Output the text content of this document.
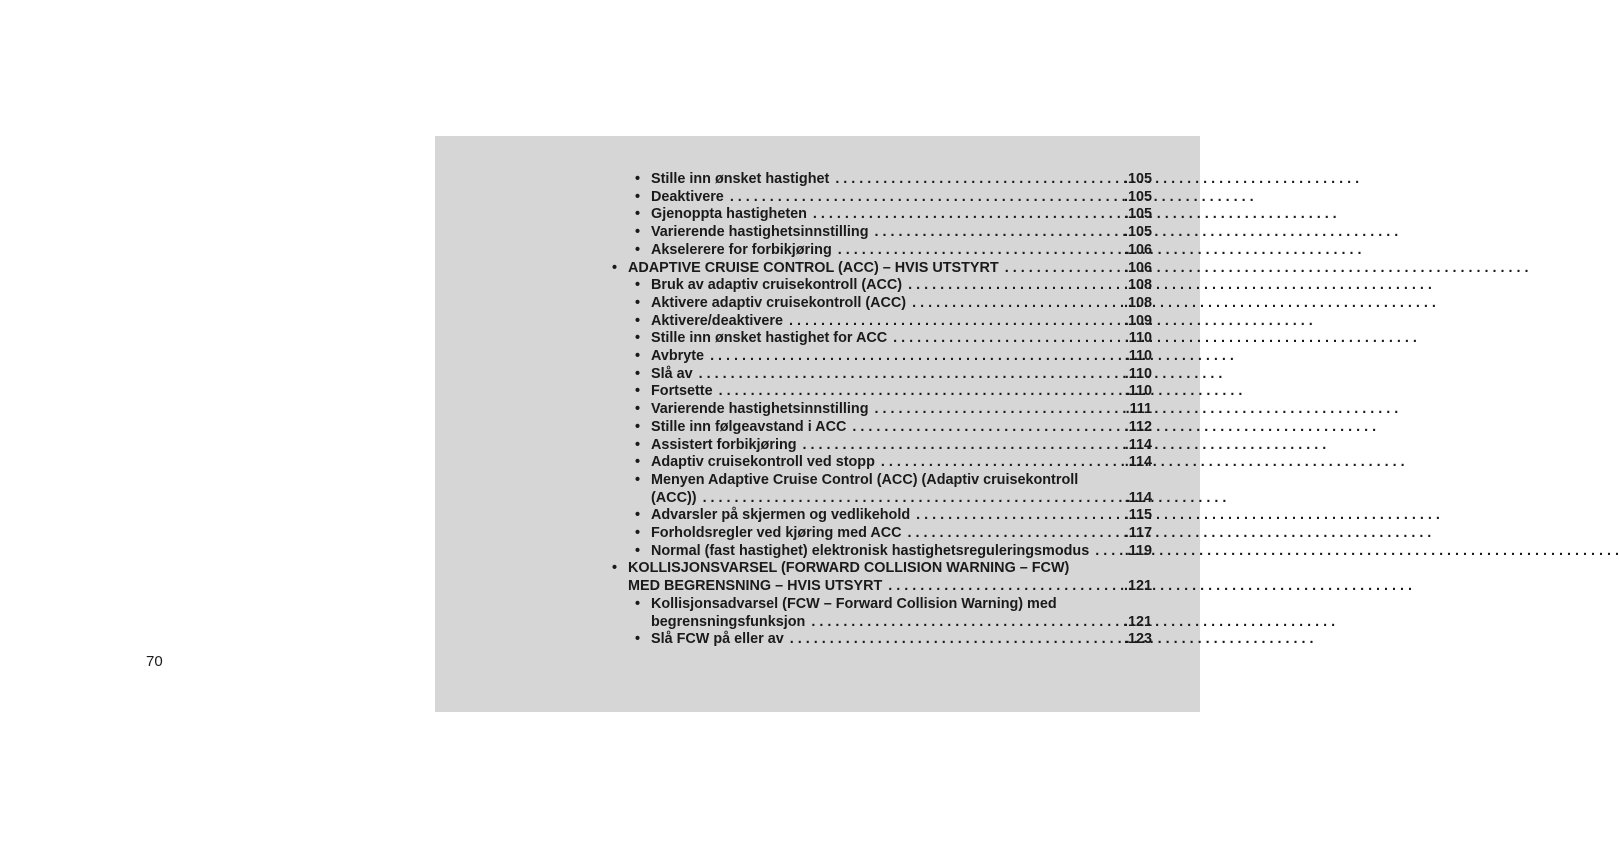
• Stille inn ønsket hastighet . . .	.105
• Deaktivere . . .	.105
• Gjenoppta hastigheten . . .	.105
• Varierende hastighetsinnstilling . . .	.105
• Akselerere for forbikjøring . . .	.106
• ADAPTIVE CRUISE CONTROL (ACC) – HVIS UTSTYRT . . .	.106
• Bruk av adaptiv cruisekontroll (ACC) . . .	.108
• Aktivere adaptiv cruisekontroll (ACC) . . .	.108
• Aktivere/deaktivere . . .	.109
• Stille inn ønsket hastighet for ACC . . .	.110
• Avbryte . . .	.110
• Slå av . . .	.110
• Fortsette . . .	.110
• Varierende hastighetsinnstilling . . .	.111
• Stille inn følgeavstand i ACC . . .	.112
• Assistert forbikjøring . . .	.114
• Adaptiv cruisekontroll ved stopp . . .	.114
• Menyen Adaptive Cruise Control (ACC) (Adaptiv cruisekontroll
(ACC)) . . .	.114
• Advarsler på skjermen og vedlikehold . . .	.115
• Forholdsregler ved kjøring med ACC . . .	.117
• Normal (fast hastighet) elektronisk hastighetsreguleringsmodus . . . .119
• KOLLISJONSVARSEL (FORWARD COLLISION WARNING – FCW)
MED BEGRENSNING – HVIS UTSYRT . . .	.121
• Kollisjonsadvarsel (FCW – Forward Collision Warning) med
begrensningsfunksjon . . .	.121
• Slå FCW på eller av . . .	.123
70
